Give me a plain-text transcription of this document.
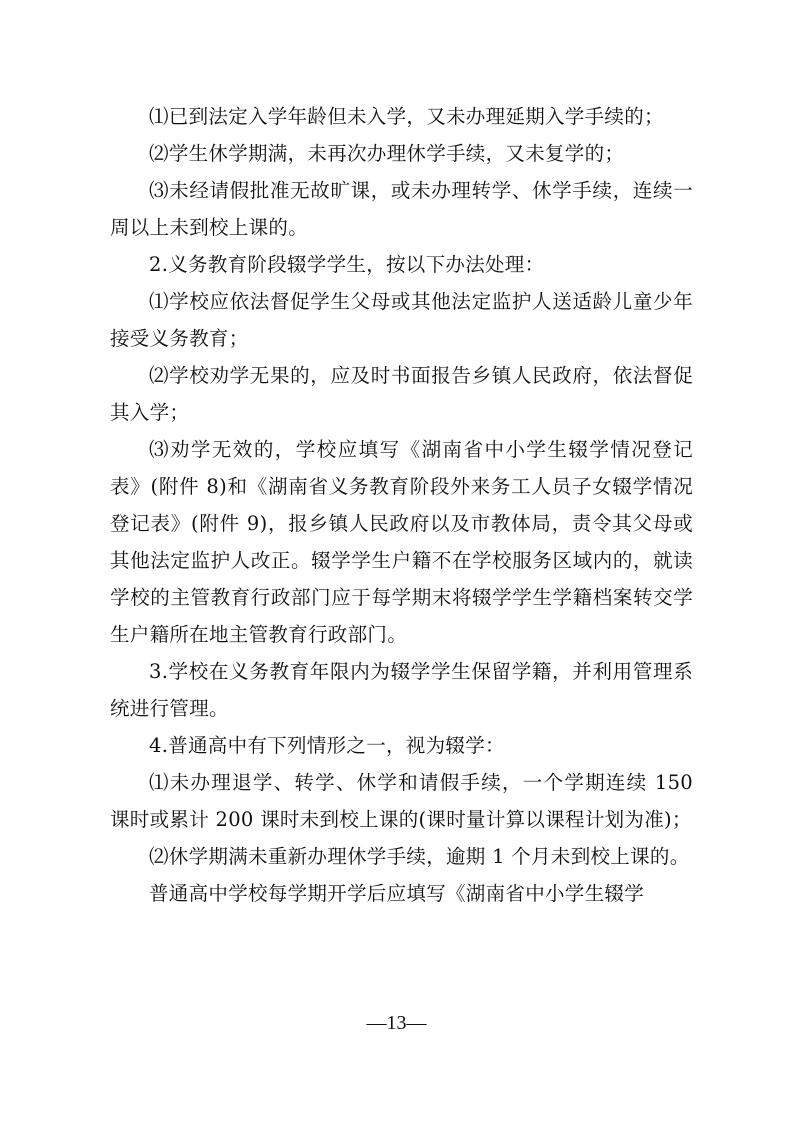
⑴已到法定入学年龄但未入学，又未办理延期入学手续的；

⑵学生休学期满，未再次办理休学手续，又未复学的；

⑶未经请假批准无故旷课，或未办理转学、休学手续，连续一周以上未到校上课的。

2.义务教育阶段辍学学生，按以下办法处理：

⑴学校应依法督促学生父母或其他法定监护人送适龄儿童少年接受义务教育；

⑵学校劝学无果的，应及时书面报告乡镇人民政府，依法督促其入学；

⑶劝学无效的，学校应填写《湖南省中小学生辍学情况登记表》(附件 8)和《湖南省义务教育阶段外来务工人员子女辍学情况登记表》(附件 9)，报乡镇人民政府以及市教体局，责令其父母或其他法定监护人改正。辍学学生户籍不在学校服务区域内的，就读学校的主管教育行政部门应于每学期末将辍学学生学籍档案转交学生户籍所在地主管教育行政部门。

3.学校在义务教育年限内为辍学学生保留学籍，并利用管理系统进行管理。

4.普通高中有下列情形之一，视为辍学：

⑴未办理退学、转学、休学和请假手续，一个学期连续 150 课时或累计 200 课时未到校上课的(课时量计算以课程计划为准)；

⑵休学期满未重新办理休学手续，逾期 1 个月未到校上课的。

普通高中学校每学期开学后应填写《湖南省中小学生辍学

—13—
